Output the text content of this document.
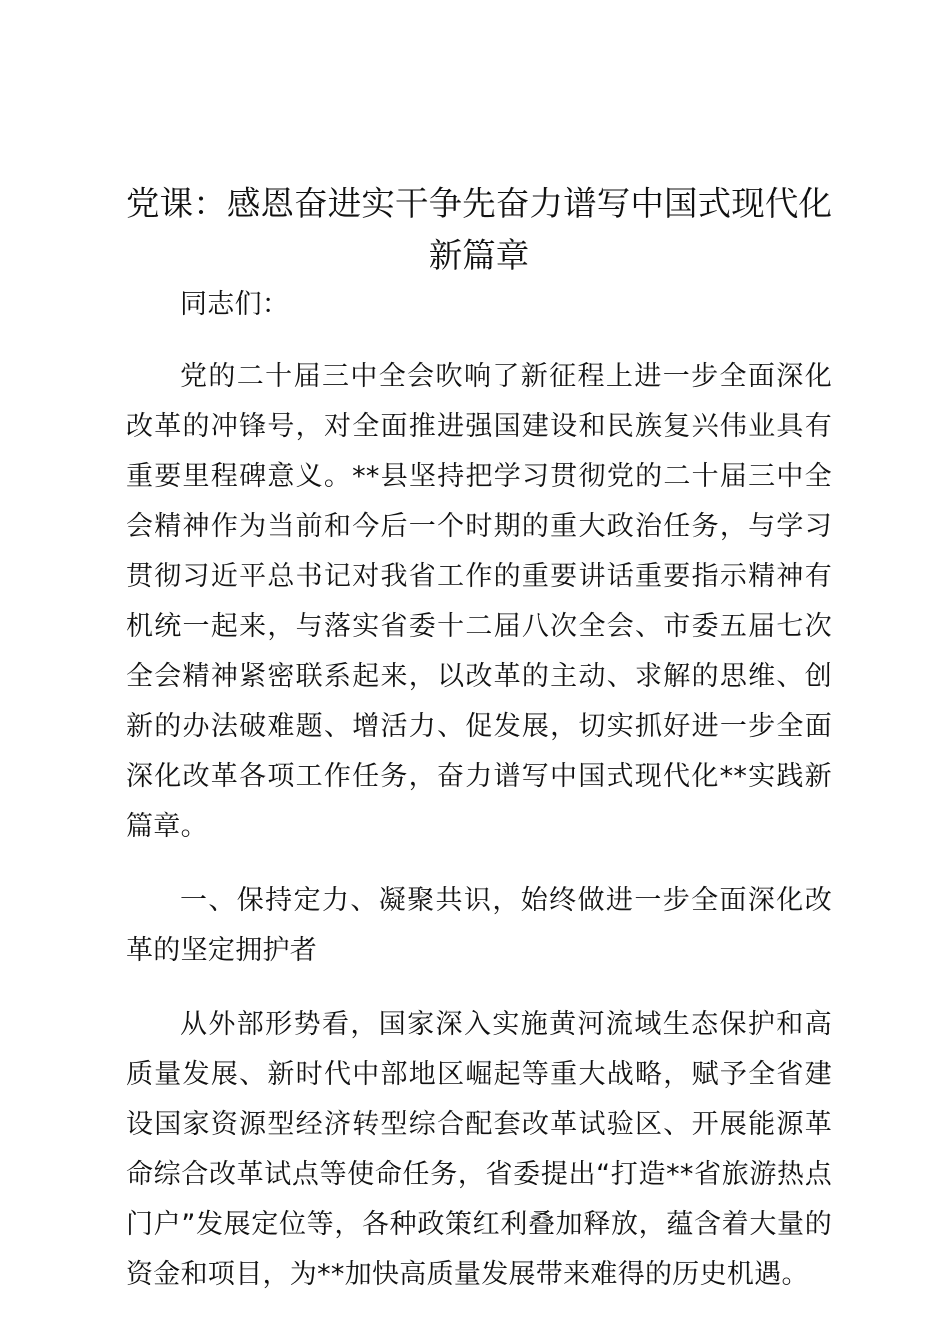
党课：感恩奋进实干争先奋力谱写中国式现代化新篇章

同志们：

党的二十届三中全会吹响了新征程上进一步全面深化改革的冲锋号，对全面推进强国建设和民族复兴伟业具有重要里程碑意义。**县坚持把学习贯彻党的二十届三中全会精神作为当前和今后一个时期的重大政治任务，与学习贯彻习近平总书记对我省工作的重要讲话重要指示精神有机统一起来，与落实省委十二届八次全会、市委五届七次全会精神紧密联系起来，以改革的主动、求解的思维、创新的办法破难题、增活力、促发展，切实抓好进一步全面深化改革各项工作任务，奋力谱写中国式现代化**实践新篇章。

一、保持定力、凝聚共识，始终做进一步全面深化改革的坚定拥护者

从外部形势看，国家深入实施黄河流域生态保护和高质量发展、新时代中部地区崛起等重大战略，赋予全省建设国家资源型经济转型综合配套改革试验区、开展能源革命综合改革试点等使命任务，省委提出“打造**省旅游热点门户”发展定位等，各种政策红利叠加释放，蕴含着大量的资金和项目，为**加快高质量发展带来难得的历史机遇。
